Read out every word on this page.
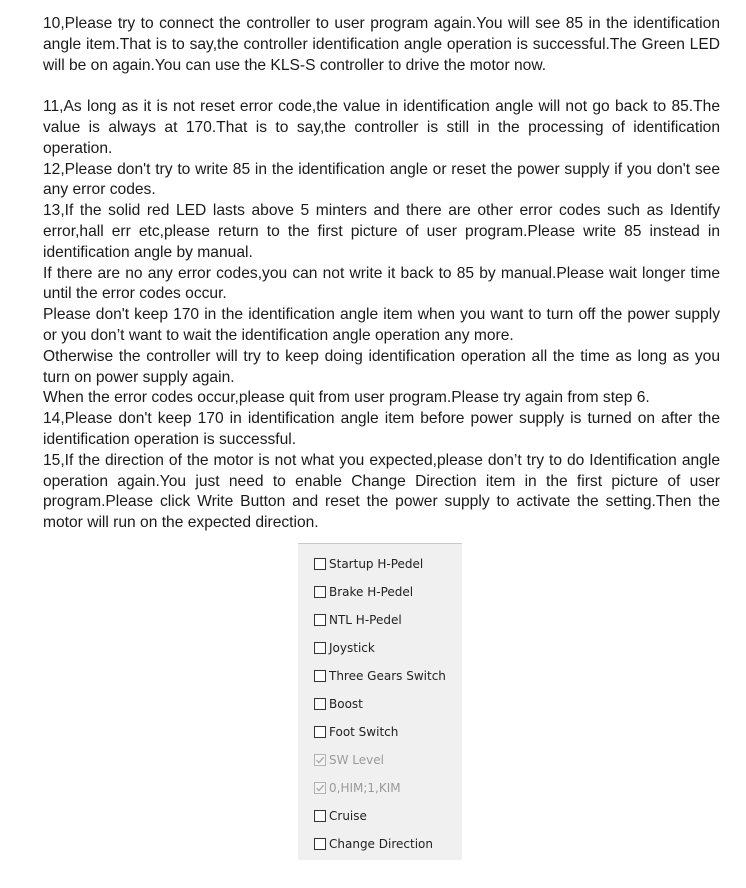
10,Please try to connect the controller to user program again.You will see 85 in the identification angle item.That is to say,the controller identification angle operation is successful.The Green LED will be on again.You can use the KLS-S controller to drive the motor now.

11,As long as it is not reset error code,the value in identification angle will not go back to 85.The value is always at 170.That is to say,the controller is still in the processing of identification operation.

12,Please don't try to write 85 in the identification angle or reset the power supply if you don't see any error codes.

13,If the solid red LED lasts above 5 minters and there are other error codes such as Identify error,hall err etc,please return to the first picture of user program.Please write 85 instead in identification angle by manual.

If there are no any error codes,you can not write it back to 85 by manual.Please wait longer time until the error codes occur.

Please don't keep 170 in the identification angle item when you want to turn off the power supply or you don’t want to wait the identification angle operation any more.

Otherwise the controller will try to keep doing identification operation all the time as long as you turn on power supply again.

When the error codes occur,please quit from user program.Please try again from step 6.

14,Please don't keep 170 in identification angle item before power supply is turned on after the identification operation is successful.

15,If the direction of the motor is not what you expected,please don’t try to do Identification angle operation again.You just need to enable Change Direction item in the first picture of user program.Please click Write Button and reset the power supply to activate the setting.Then the motor will run on the expected direction.

Startup H-Pedel
Brake H-Pedel
NTL H-Pedel
Joystick
Three Gears Switch
Boost
Foot Switch
SW Level
0,HIM;1,KIM
Cruise
Change Direction
